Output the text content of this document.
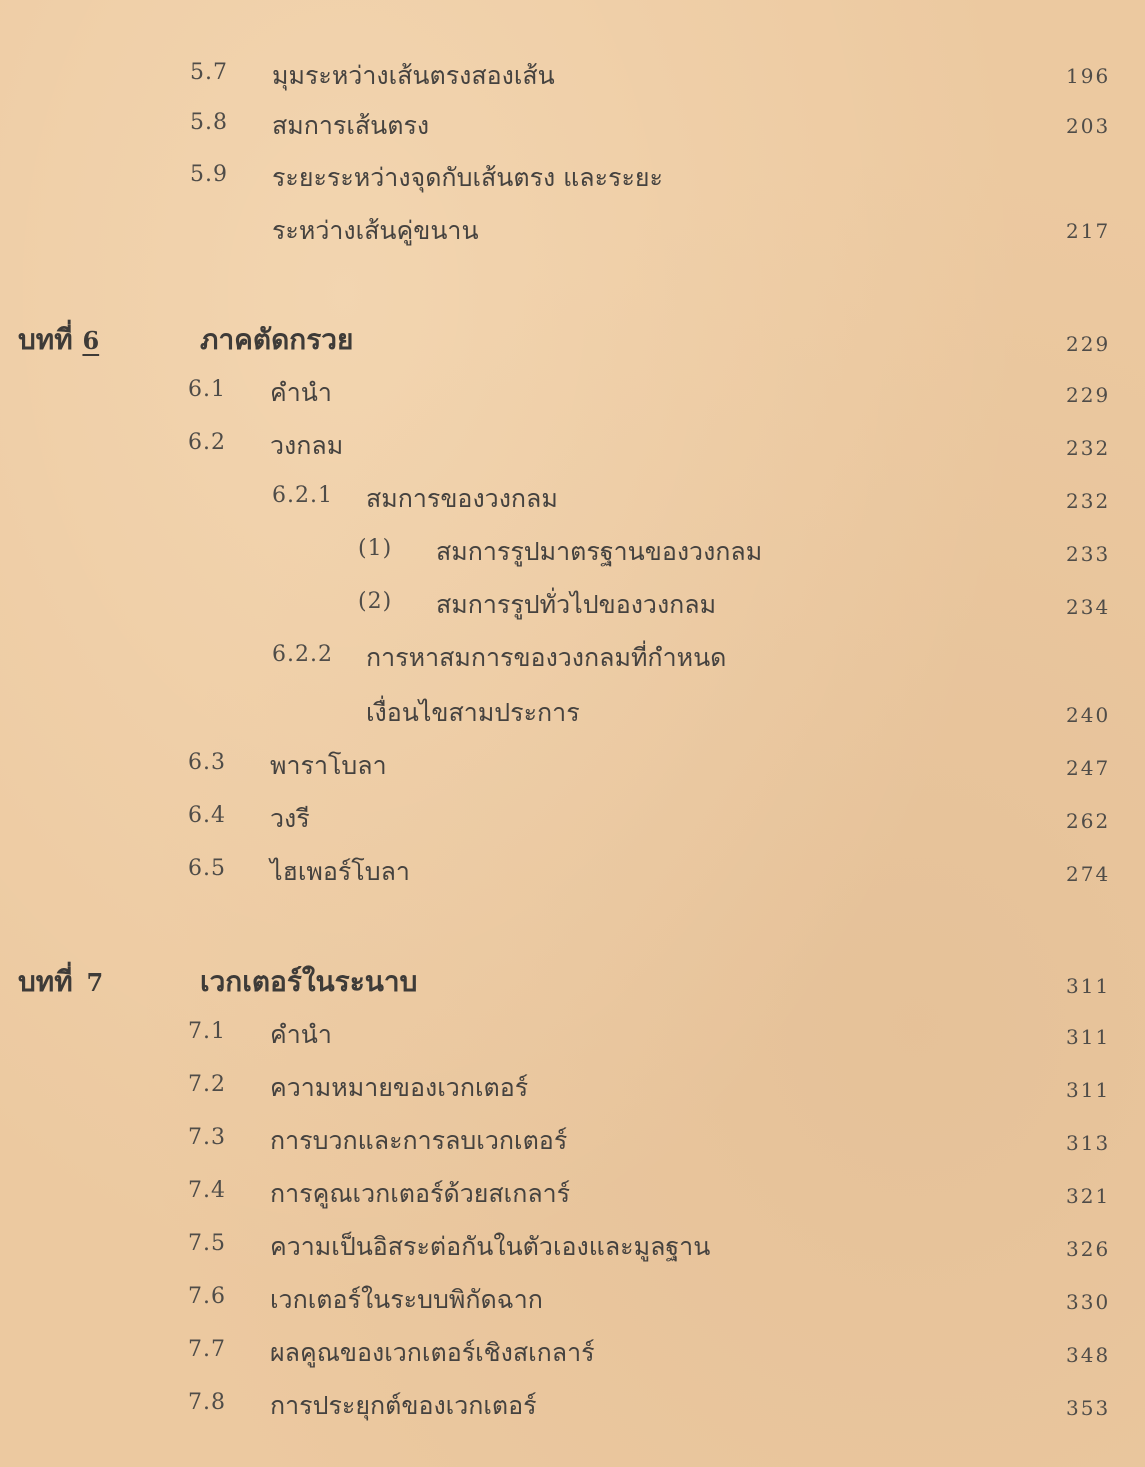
5.7 มุมระหว่างเส้นตรงสองเส้น	196
5.8 สมการเส้นตรง	203
5.9 ระยะระหว่างจุดกับเส้นตรง และระยะ
ระหว่างเส้นคู่ขนาน	217
บทที่ 6	ภาคตัดกรวย	229
6.1 คำนำ	229
6.2 วงกลม	232
6.2.1 สมการของวงกลม	232
(1) สมการรูปมาตรฐานของวงกลม	233
(2) สมการรูปทั่วไปของวงกลม	234
6.2.2 การหาสมการของวงกลมที่กำหนด
เงื่อนไขสามประการ	240
6.3 พาราโบลา	247
6.4 วงรี	262
6.5 ไฮเพอร์โบลา	274
บทที่ 7	เวกเตอร์ในระนาบ	311
7.1 คำนำ	311
7.2 ความหมายของเวกเตอร์	311
7.3 การบวกและการลบเวกเตอร์	313
7.4 การคูณเวกเตอร์ด้วยสเกลาร์	321
7.5 ความเป็นอิสระต่อกันในตัวเองและมูลฐาน	326
7.6 เวกเตอร์ในระบบพิกัดฉาก	330
7.7 ผลคูณของเวกเตอร์เชิงสเกลาร์	348
7.8 การประยุกต์ของเวกเตอร์	353
